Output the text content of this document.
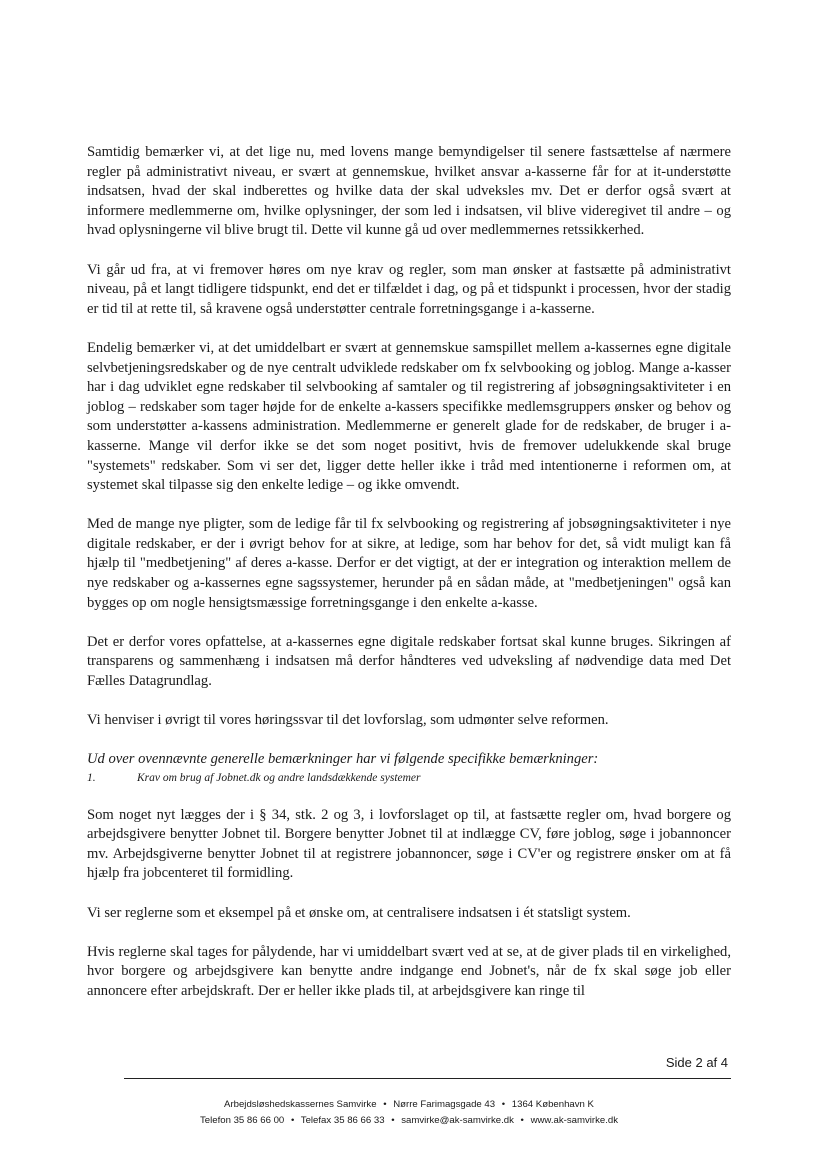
Samtidig bemærker vi, at det lige nu, med lovens mange bemyndigelser til senere fastsættelse af nærmere regler på administrativt niveau, er svært at gennemskue, hvilket ansvar a-kasserne får for at it-understøtte indsatsen, hvad der skal indberettes og hvilke data der skal udveksles mv. Det er derfor også svært at informere medlemmerne om, hvilke oplysninger, der som led i indsatsen, vil blive videregivet til andre – og hvad oplysningerne vil blive brugt til. Dette vil kunne gå ud over medlemmernes retssikkerhed.

Vi går ud fra, at vi fremover høres om nye krav og regler, som man ønsker at fastsætte på administrativt niveau, på et langt tidligere tidspunkt, end det er tilfældet i dag, og på et tidspunkt i processen, hvor der stadig er tid til at rette til, så kravene også understøtter centrale forretningsgange i a-kasserne.

Endelig bemærker vi, at det umiddelbart er svært at gennemskue samspillet mellem a-kassernes egne digitale selvbetjeningsredskaber og de nye centralt udviklede redskaber om fx selvbooking og joblog. Mange a-kasser har i dag udviklet egne redskaber til selvbooking af samtaler og til registrering af jobsøgningsaktiviteter i en joblog – redskaber som tager højde for de enkelte a-kassers specifikke medlemsgruppers ønsker og behov og som understøtter a-kassens administration. Medlemmerne er generelt glade for de redskaber, de bruger i a-kasserne. Mange vil derfor ikke se det som noget positivt, hvis de fremover udelukkende skal bruge "systemets" redskaber. Som vi ser det, ligger dette heller ikke i tråd med intentionerne i reformen om, at systemet skal tilpasse sig den enkelte ledige – og ikke omvendt.

Med de mange nye pligter, som de ledige får til fx selvbooking og registrering af jobsøgningsaktiviteter i nye digitale redskaber, er der i øvrigt behov for at sikre, at ledige, som har behov for det, så vidt muligt kan få hjælp til "medbetjening" af deres a-kasse. Derfor er det vigtigt, at der er integration og interaktion mellem de nye redskaber og a-kassernes egne sagssystemer, herunder på en sådan måde, at "medbetjeningen" også kan bygges op om nogle hensigtsmæssige forretningsgange i den enkelte a-kasse.

Det er derfor vores opfattelse, at a-kassernes egne digitale redskaber fortsat skal kunne bruges. Sikringen af transparens og sammenhæng i indsatsen må derfor håndteres ved udveksling af nødvendige data med Det Fælles Datagrundlag.

Vi henviser i øvrigt til vores høringssvar til det lovforslag, som udmønter selve reformen.

Ud over ovennævnte generelle bemærkninger har vi følgende specifikke bemærkninger:

1.	Krav om brug af Jobnet.dk og andre landsdækkende systemer

Som noget nyt lægges der i § 34, stk. 2 og 3, i lovforslaget op til, at fastsætte regler om, hvad borgere og arbejdsgivere benytter Jobnet til. Borgere benytter Jobnet til at indlægge CV, føre joblog, søge i jobannoncer mv. Arbejdsgiverne benytter Jobnet til at registrere jobannoncer, søge i CV'er og registrere ønsker om at få hjælp fra jobcenteret til formidling.

Vi ser reglerne som et eksempel på et ønske om, at centralisere indsatsen i ét statsligt system.

Hvis reglerne skal tages for pålydende, har vi umiddelbart svært ved at se, at de giver plads til en virkelighed, hvor borgere og arbejdsgivere kan benytte andre indgange end Jobnet's, når de fx skal søge job eller annoncere efter arbejdskraft. Der er heller ikke plads til, at arbejdsgivere kan ringe til

Side 2 af 4
Arbejdsløshedskassernes Samvirke • Nørre Farimagsgade 43 • 1364 København K
Telefon 35 86 66 00 • Telefax 35 86 66 33 • samvirke@ak-samvirke.dk • www.ak-samvirke.dk
